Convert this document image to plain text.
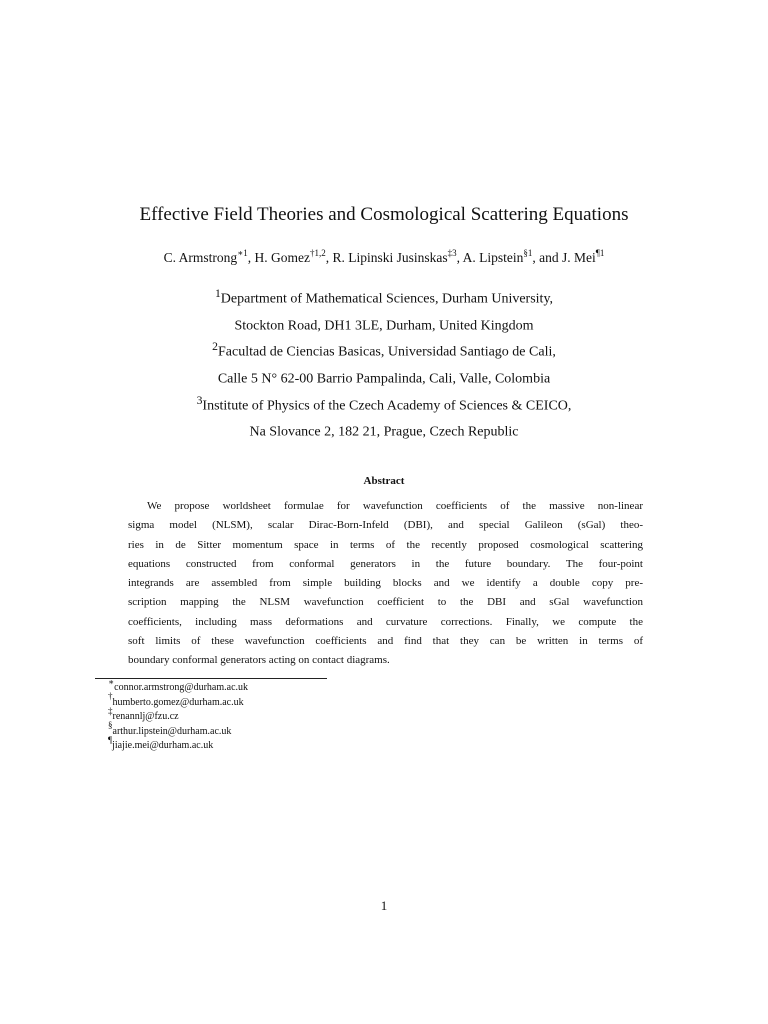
Effective Field Theories and Cosmological Scattering Equations
C. Armstrong$^{∗1}$, H. Gomez$^{\dagger 1,2}$, R. Lipinski Jusinskas$^{\ddagger 3}$, A. Lipstein$^{\S 1}$, and J. Mei$^{\P 1}$
$^1$Department of Mathematical Sciences, Durham University,
Stockton Road, DH1 3LE, Durham, United Kingdom
$^2$Facultad de Ciencias Basicas, Universidad Santiago de Cali,
Calle 5 N° 62-00 Barrio Pampalinda, Cali, Valle, Colombia
$^3$Institute of Physics of the Czech Academy of Sciences & CEICO,
Na Slovance 2, 182 21, Prague, Czech Republic
Abstract
We propose worldsheet formulae for wavefunction coefficients of the massive non-linear
sigma model (NLSM), scalar Dirac-Born-Infeld (DBI), and special Galileon (sGal) theo-
ries in de Sitter momentum space in terms of the recently proposed cosmological scattering
equations constructed from conformal generators in the future boundary. The four-point
integrands are assembled from simple building blocks and we identify a double copy pre-
scription mapping the NLSM wavefunction coefficient to the DBI and sGal wavefunction
coefficients, including mass deformations and curvature corrections. Finally, we compute the
soft limits of these wavefunction coefficients and find that they can be written in terms of
boundary conformal generators acting on contact diagrams.
∗connor.armstrong@durham.ac.uk
†humberto.gomez@durham.ac.uk
‡renannlj@fzu.cz
§arthur.lipstein@durham.ac.uk
¶jiajie.mei@durham.ac.uk
1
